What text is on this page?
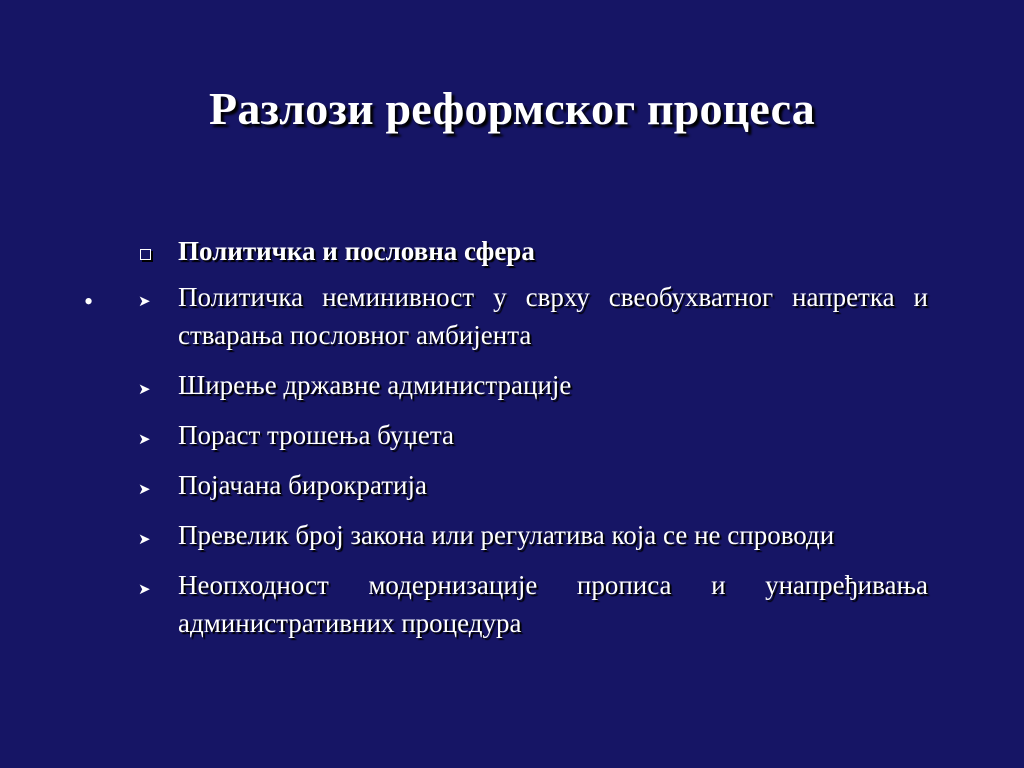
Разлози реформског процеса
•
Политичка и пословна сфера
➤	Политичка неминивност у сврху свеобухватног напретка и стварања пословног амбијента
➤	Ширење државне администрације
➤	Пораст трошења буџета
➤	Појачана бирократија
➤	Превелик број закона или регулатива која се не спроводи
➤	Неопходност модернизације прописа и унапређивања административних процедура
